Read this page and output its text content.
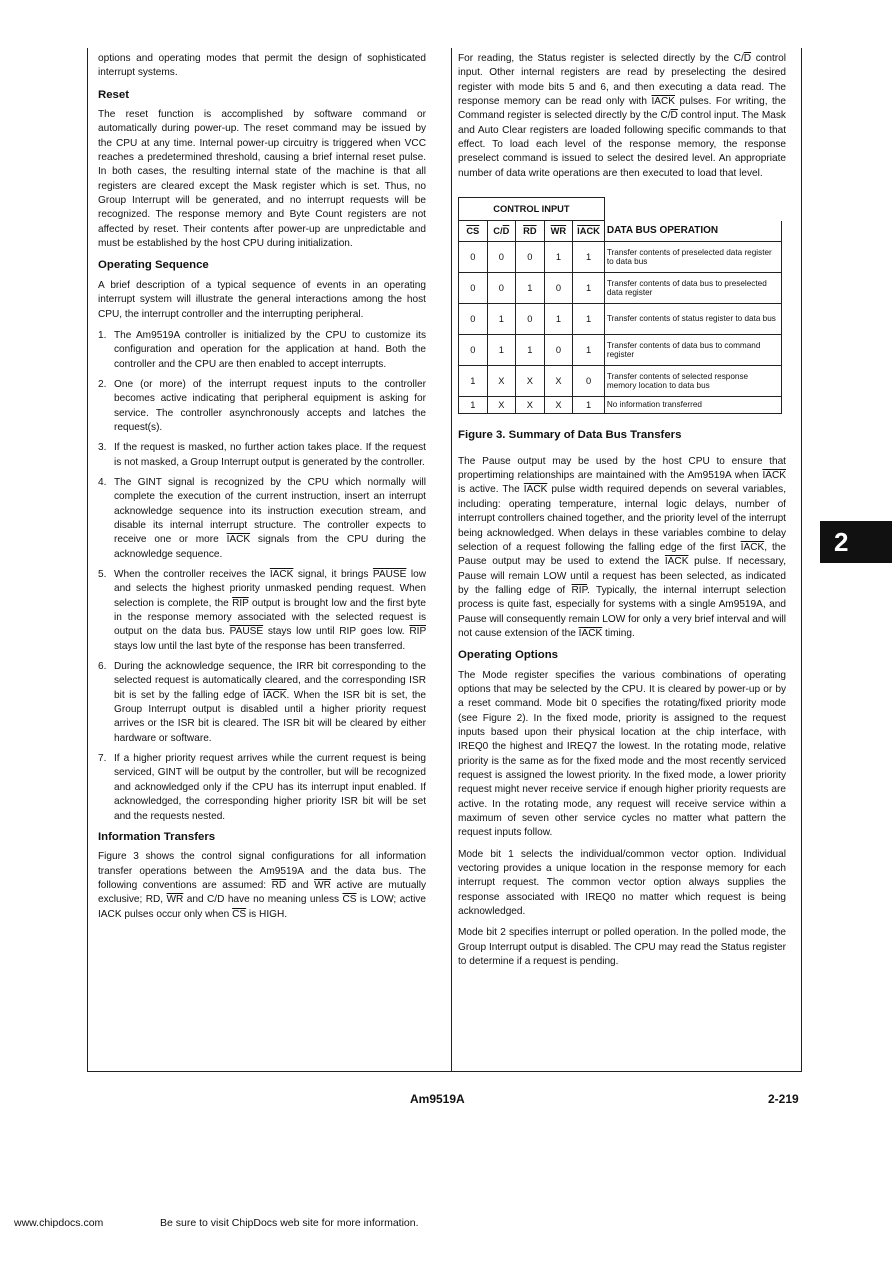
options and operating modes that permit the design of sophisticated interrupt systems.

Reset

The reset function is accomplished by software command or automatically during power-up. The reset command may be issued by the CPU at any time. Internal power-up circuitry is triggered when VCC reaches a predetermined threshold, causing a brief internal reset pulse. In both cases, the resulting internal state of the machine is that all registers are cleared except the Mask register which is set. Thus, no Group Interrupt will be generated, and no interrupt requests will be recognized. The response memory and Byte Count registers are not affected by reset. Their contents after power-up are unpredictable and must be established by the host CPU during initialization.

Operating Sequence

A brief description of a typical sequence of events in an operating interrupt system will illustrate the general interactions among the host CPU, the interrupt controller and the interrupting peripheral.

1. The Am9519A controller is initialized by the CPU to customize its configuration and operation for the application at hand. Both the controller and the CPU are then enabled to accept interrupts.
2. One (or more) of the interrupt request inputs to the controller becomes active indicating that peripheral equipment is asking for service. The controller asynchronously accepts and latches the request(s).
3. If the request is masked, no further action takes place. If the request is not masked, a Group Interrupt output is generated by the controller.
4. The GINT signal is recognized by the CPU which normally will complete the execution of the current instruction, insert an interrupt acknowledge sequence into its instruction execution stream, and disable its internal interrupt structure. The controller expects to receive one or more IACK signals from the CPU during the acknowledge sequence.
5. When the controller receives the IACK signal, it brings PAUSE low and selects the highest priority unmasked pending request. When selection is complete, the $\overline{RIP}$ output is brought low and the first byte in the response memory associated with the selected request is output on the data bus. PAUSE stays low until RIP goes low. $\overline{RIP}$ stays low until the last byte of the response has been transferred.
6. During the acknowledge sequence, the IRR bit corresponding to the selected request is automatically cleared, and the corresponding ISR bit is set by the falling edge of IACK. When the ISR bit is set, the Group Interrupt output is disabled until a higher priority request arrives or the ISR bit is cleared. The ISR bit will be cleared by either hardware or software.
7. If a higher priority request arrives while the current request is being serviced, GINT will be output by the controller, but will be recognized and acknowledged only if the CPU has its interrupt input enabled. If acknowledged, the corresponding higher priority ISR bit will be set and the requests nested.
Information Transfers

Figure 3 shows the control signal configurations for all information transfer operations between the Am9519A and the data bus. The following conventions are assumed: $\overline{RD}$ and $\overline{WR}$ active are mutually exclusive; RD, $\overline{WR}$ and C/D have no meaning unless $\overline{CS}$ is LOW; active IACK pulses occur only when $\overline{CS}$ is HIGH.

For reading, the Status register is selected directly by the $C/\overline{D}$ control input. Other internal registers are read by preselecting the desired register with mode bits 5 and 6, and then executing a data read. The response memory can be read only with IACK pulses. For writing, the Command register is selected directly by the $C/\overline{D}$ control input. The Mask and Auto Clear registers are loaded following specific commands to that effect. To load each level of the response memory, the response preselect command is issued to select the desired level. An appropriate number of data write operations are then executed to load that level.

CONTROL INPUT					
$\overline{CS}$	$C/\overline{D}$	$\overline{RD}$	$\overline{WR}$	IACK	DATA BUS OPERATION
0	0	0	1	1	Transfer contents of preselected data register to data bus
0	0	1	0	1	Transfer contents of data bus to preselected data register
0	1	0	1	1	Transfer contents of status register to data bus
0	1	1	0	1	Transfer contents of data bus to command register
1	X	X	X	0	Transfer contents of selected response memory location to data bus
1	X	X	X	1	No information transferred
Figure 3. Summary of Data Bus Transfers

The Pause output may be used by the host CPU to ensure that propertiming relationships are maintained with the Am9519A when IACK is active. The IACK pulse width required depends on several variables, including: operating temperature, internal logic delays, number of interrupt controllers chained together, and the priority level of the interrupt being acknowledged. When delays in these variables combine to delay selection of a request following the falling edge of the first IACK, the Pause output may be used to extend the IACK pulse. If necessary, Pause will remain LOW until a request has been selected, as indicated by the falling edge of $\overline{RIP}$. Typically, the internal interrupt selection process is quite fast, especially for systems with a single Am9519A, and Pause will consequently remain LOW for only a very brief interval and will not cause extension of the IACK timing.

Operating Options

The Mode register specifies the various combinations of operating options that may be selected by the CPU. It is cleared by power-up or by a reset command. Mode bit 0 specifies the rotating/fixed priority mode (see Figure 2). In the fixed mode, priority is assigned to the request inputs based upon their physical location at the chip interface, with IREQ0 the highest and IREQ7 the lowest. In the rotating mode, relative priority is the same as for the fixed mode and the most recently serviced request is assigned the lowest priority. In the fixed mode, a lower priority request might never receive service if enough higher priority requests are active. In the rotating mode, any request will receive service within a maximum of seven other service cycles no matter what pattern the request inputs follow.

Mode bit 1 selects the individual/common vector option. Individual vectoring provides a unique location in the response memory for each interrupt request. The common vector option always supplies the response associated with IREQ0 no matter which request is being acknowledged.

Mode bit 2 specifies interrupt or polled operation. In the polled mode, the Group Interrupt output is disabled. The CPU may read the Status register to determine if a request is pending.

2
Am9519A	2-219
www.chipdocs.com	Be sure to visit ChipDocs web site for more information.
